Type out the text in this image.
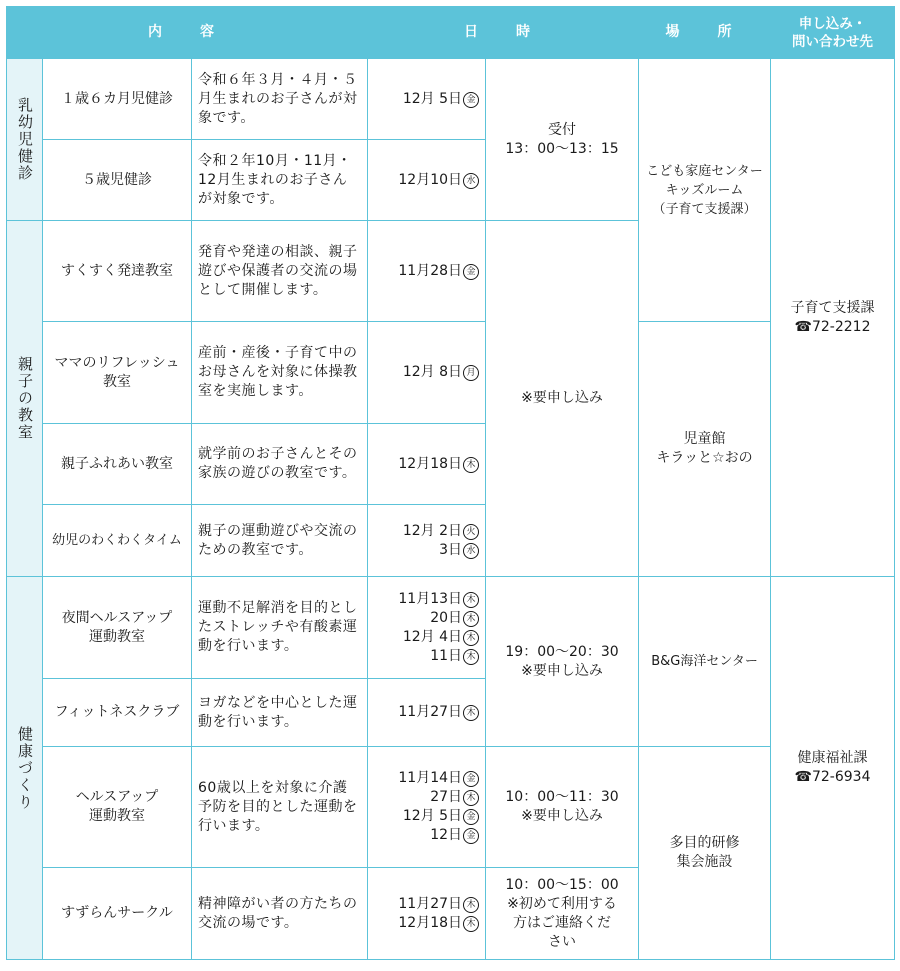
内　容			日　時		場　所	申し込み・
問い合わせ先

乳幼児健診	１歳６カ月児健診	令和６年３月・４月・５月生まれのお子さんが対象です。	12月 5日 金	受付
13：00～13：15	こども家庭センター
キッズルーム
（子育て支援課）	子育て支援課
☎72-2212

	５歳児健診	令和２年10月・11月・12月生まれのお子さんが対象です。	12月10日 水			

親子の教室	すくすく発達教室	発育や発達の相談、親子遊びや保護者の交流の場として開催します。	11月28日 金	※要申し込み		

	ママのリフレッシュ
教室	産前・産後・子育て中のお母さんを対象に体操教室を実施します。	12月 8日 月		児童館
キラッと☆おの	

	親子ふれあい教室	就学前のお子さんとその家族の遊びの教室です。	12月18日 木			

	幼児のわくわくタイム	親子の運動遊びや交流のための教室です。	12月 2日 火
3日 水			

健康づくり	夜間ヘルスアップ
運動教室	運動不足解消を目的としたストレッチや有酸素運動を行います。	11月13日 木
20日 木
12月 4日 木
11日 木	19：00～20：30
※要申し込み	B&G海洋センター	健康福祉課
☎72-6934

	フィットネスクラブ	ヨガなどを中心とした運動を行います。	11月27日 木			

	ヘルスアップ
運動教室	60歳以上を対象に介護予防を目的とした運動を行います。	11月14日 金
27日 木
12月 5日 金
12日 金	10：00～11：30
※要申し込み	多目的研修
集会施設	

	すずらんサークル	精神障がい者の方たちの交流の場です。	11月27日 木
12月18日 木	10：00～15：00
※初めて利用する
方はご連絡くだ
さい		
